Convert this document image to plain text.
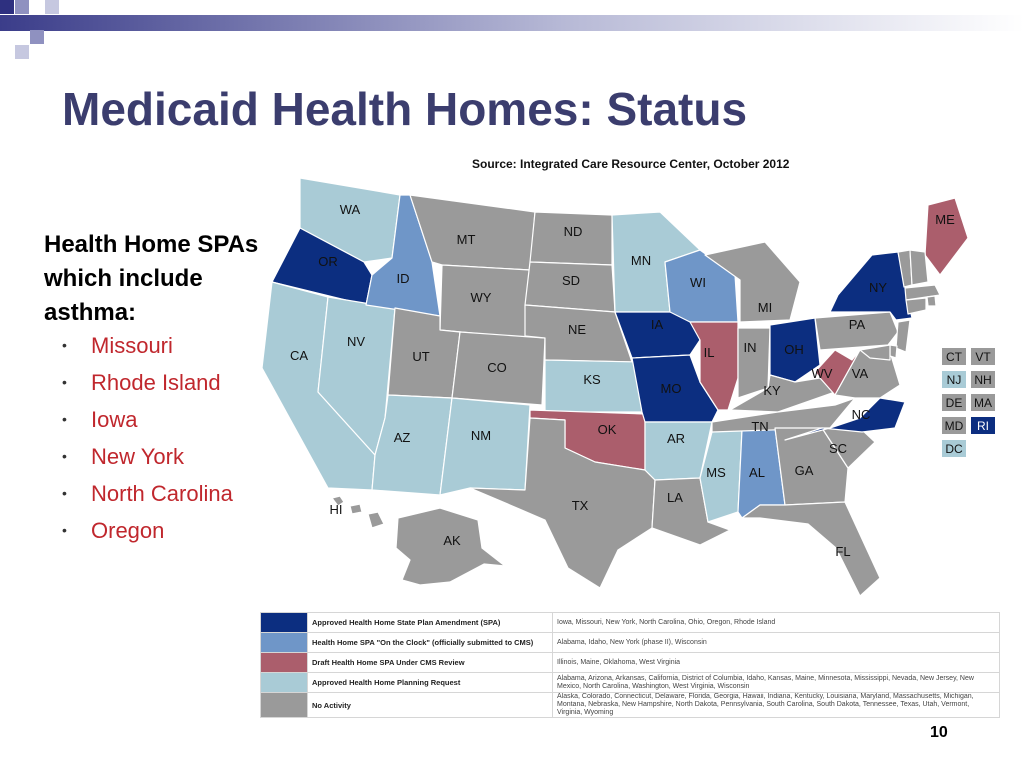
Medicaid Health Homes: Status
Source: Integrated Care Resource Center, October 2012
Health Home SPAs which include asthma:
• Missouri
• Rhode Island
• Iowa
• New York
• North Carolina
• Oregon
WA
OR
CA
NV
ID
MT
WY
UT
AZ
CO
NM
ND
SD
NE
KS
OK
TX
MN
IA
MO
AR
LA
WI
IL
MS AL
MI
IN OH
KY
TN
GA
FL
SC
NC
WV VA
PA
NY
ME
AK
HI
CT	VT
NJ	NH
DE MA
MD	RI
DC
	Approved Health Home State Plan Amendment (SPA)	Iowa, Missouri, New York, North Carolina, Ohio, Oregon, Rhode Island
	Health Home SPA "On the Clock" (officially submitted to CMS)	Alabama, Idaho, New York (phase II), Wisconsin
	Draft Health Home SPA Under CMS Review	Illinois, Maine, Oklahoma, West Virginia
	Approved Health Home Planning Request	Alabama, Arizona, Arkansas, California, District of Columbia, Idaho, Kansas, Maine, Minnesota, Mississippi, Nevada, New Jersey, New Mexico, North Carolina, Washington, West Virginia, Wisconsin
	No Activity	Alaska, Colorado, Connecticut, Delaware, Florida, Georgia, Hawaii, Indiana, Kentucky, Louisiana, Maryland, Massachusetts, Michigan, Montana, Nebraska, New Hampshire, North Dakota, Pennsylvania, South Carolina, South Dakota, Tennessee, Texas, Utah, Vermont, Virginia, Wyoming
10
